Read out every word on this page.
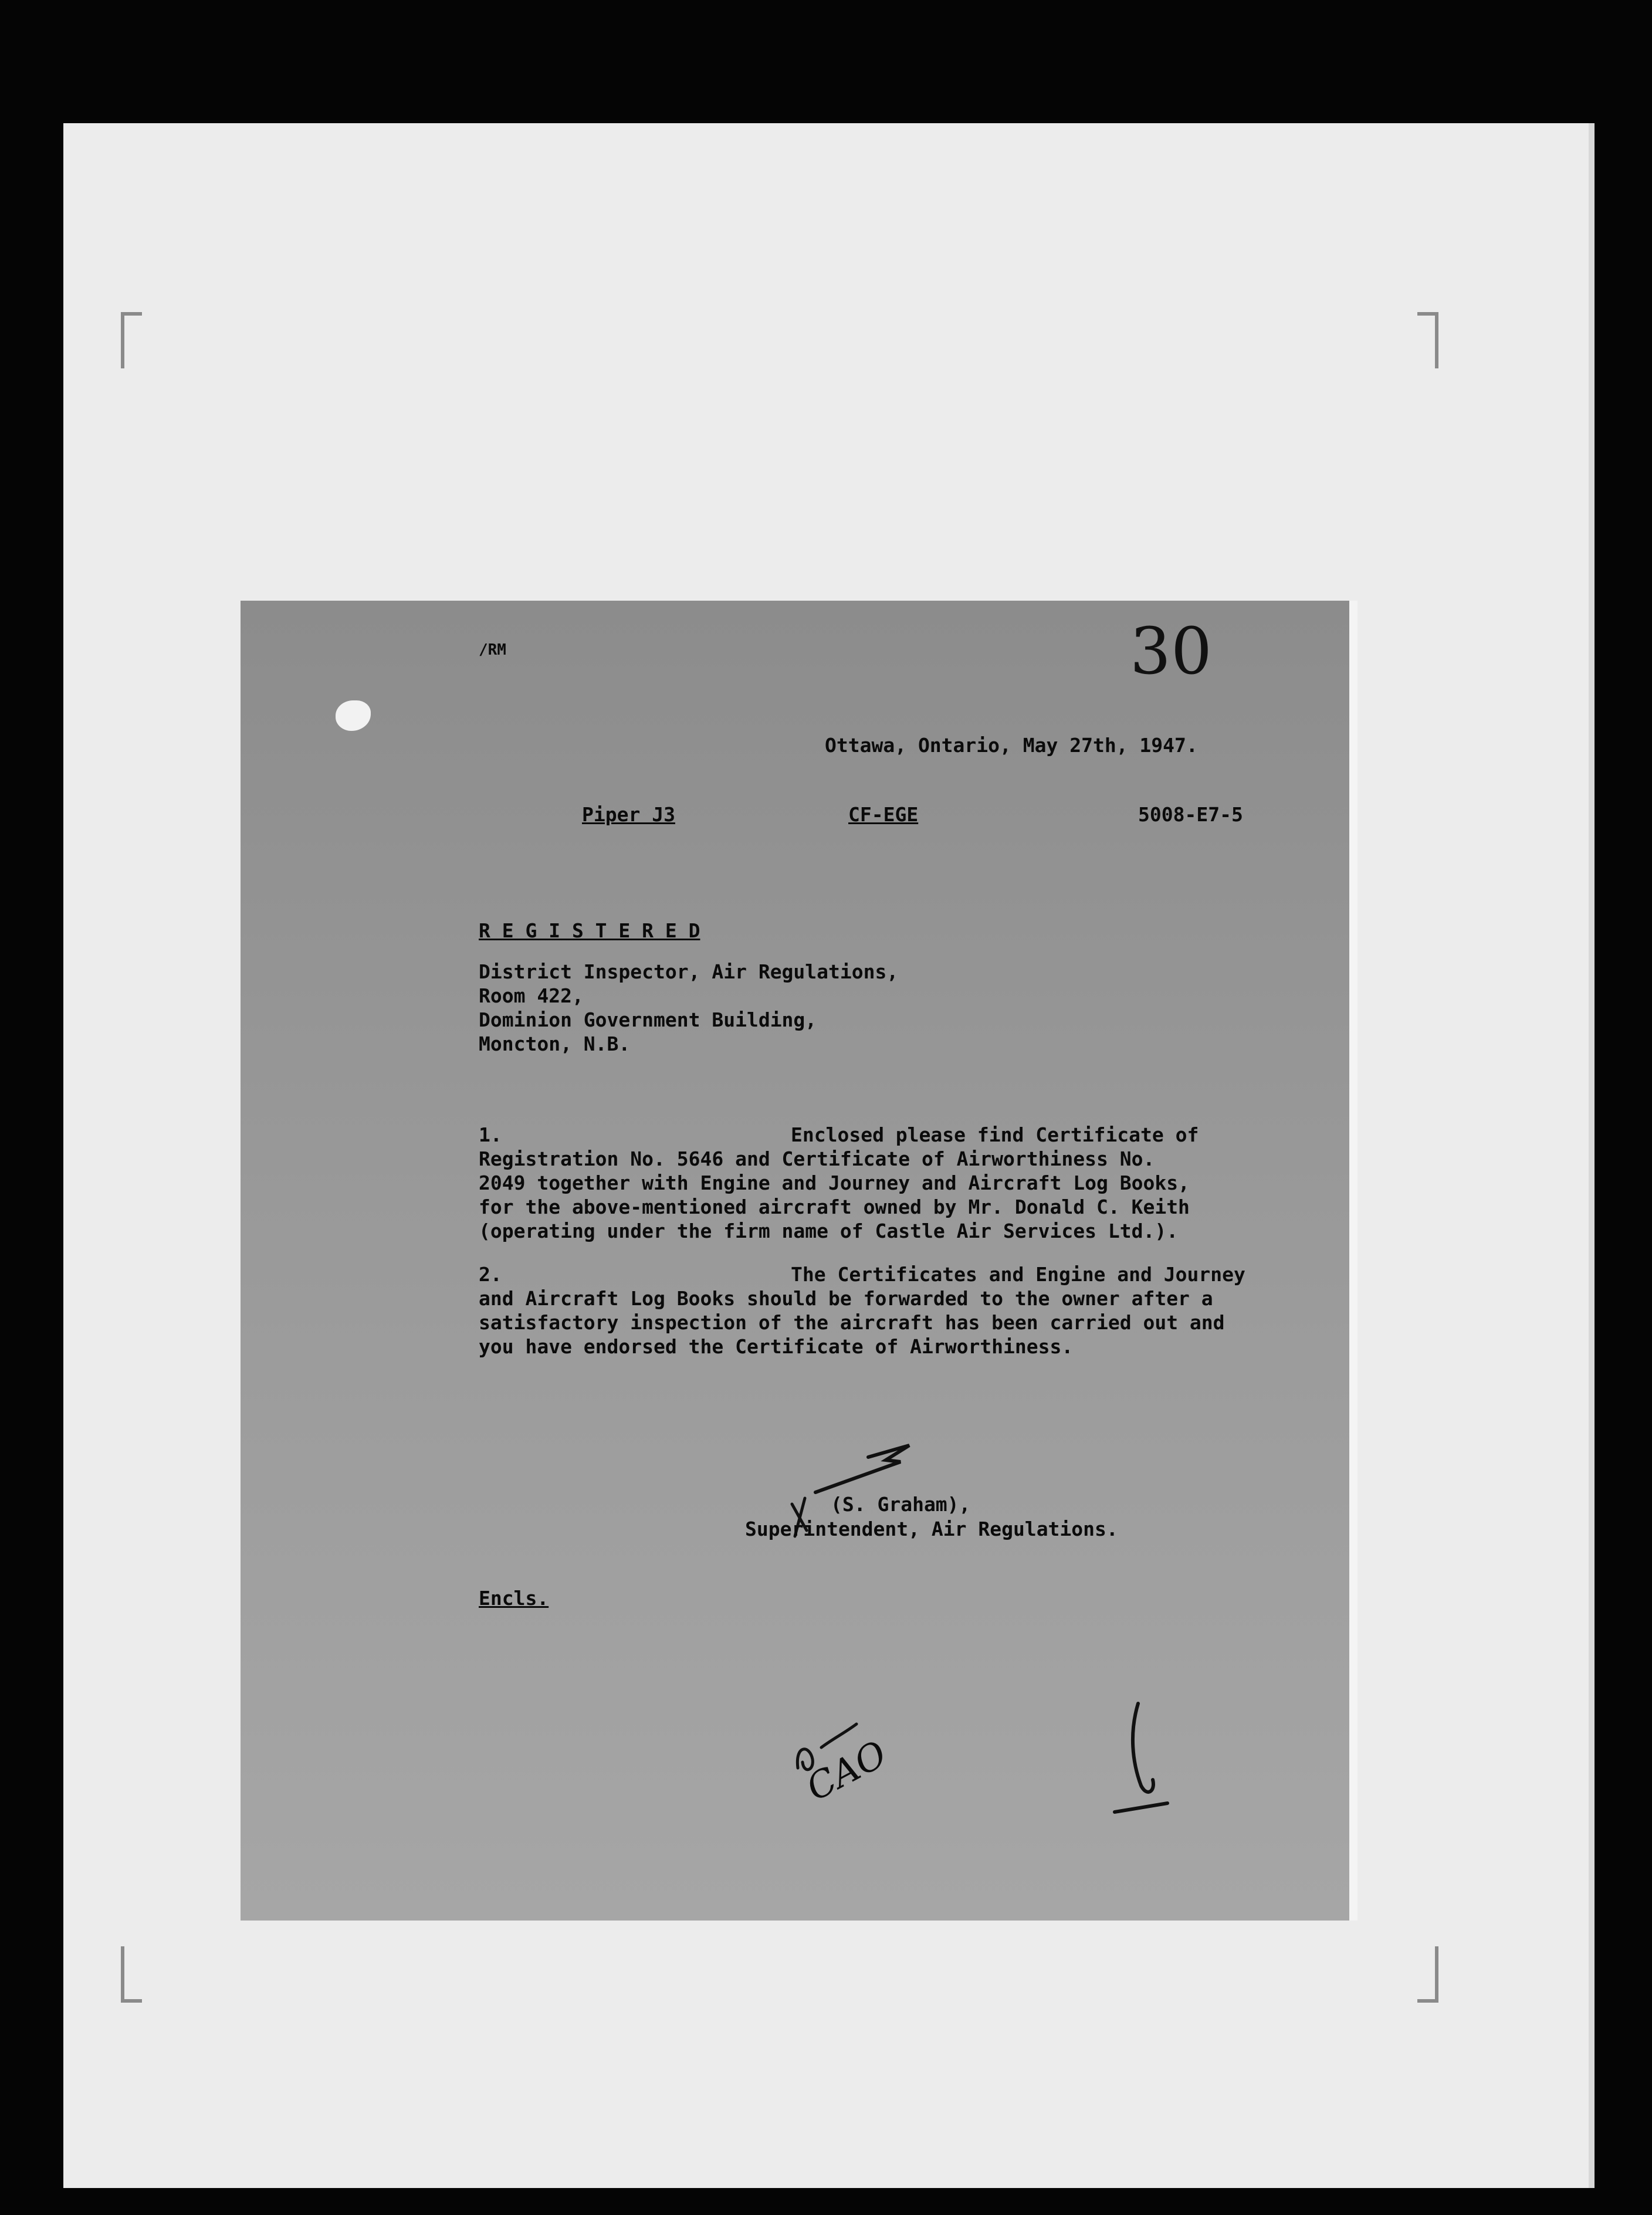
/RM	30
Ottawa, Ontario, May 27th, 1947.
Piper J3	CF-EGE	5008-E7-5
R E G I S T E R E D
District Inspector, Air Regulations,
Room 422,
Dominion Government Building,
Moncton, N.B.
1.	Enclosed please find Certificate of
Registration No. 5646 and Certificate of Airworthiness No.
2049 together with Engine and Journey and Aircraft Log Books,
for the above-mentioned aircraft owned by Mr. Donald C. Keith
(operating under the firm name of Castle Air Services Ltd.).
2.	The Certificates and Engine and Journey
and Aircraft Log Books should be forwarded to the owner after a
satisfactory inspection of the aircraft has been carried out and
you have endorsed the Certificate of Airworthiness.
(S. Graham),
Superintendent, Air Regulations.
Encls.
CAO
